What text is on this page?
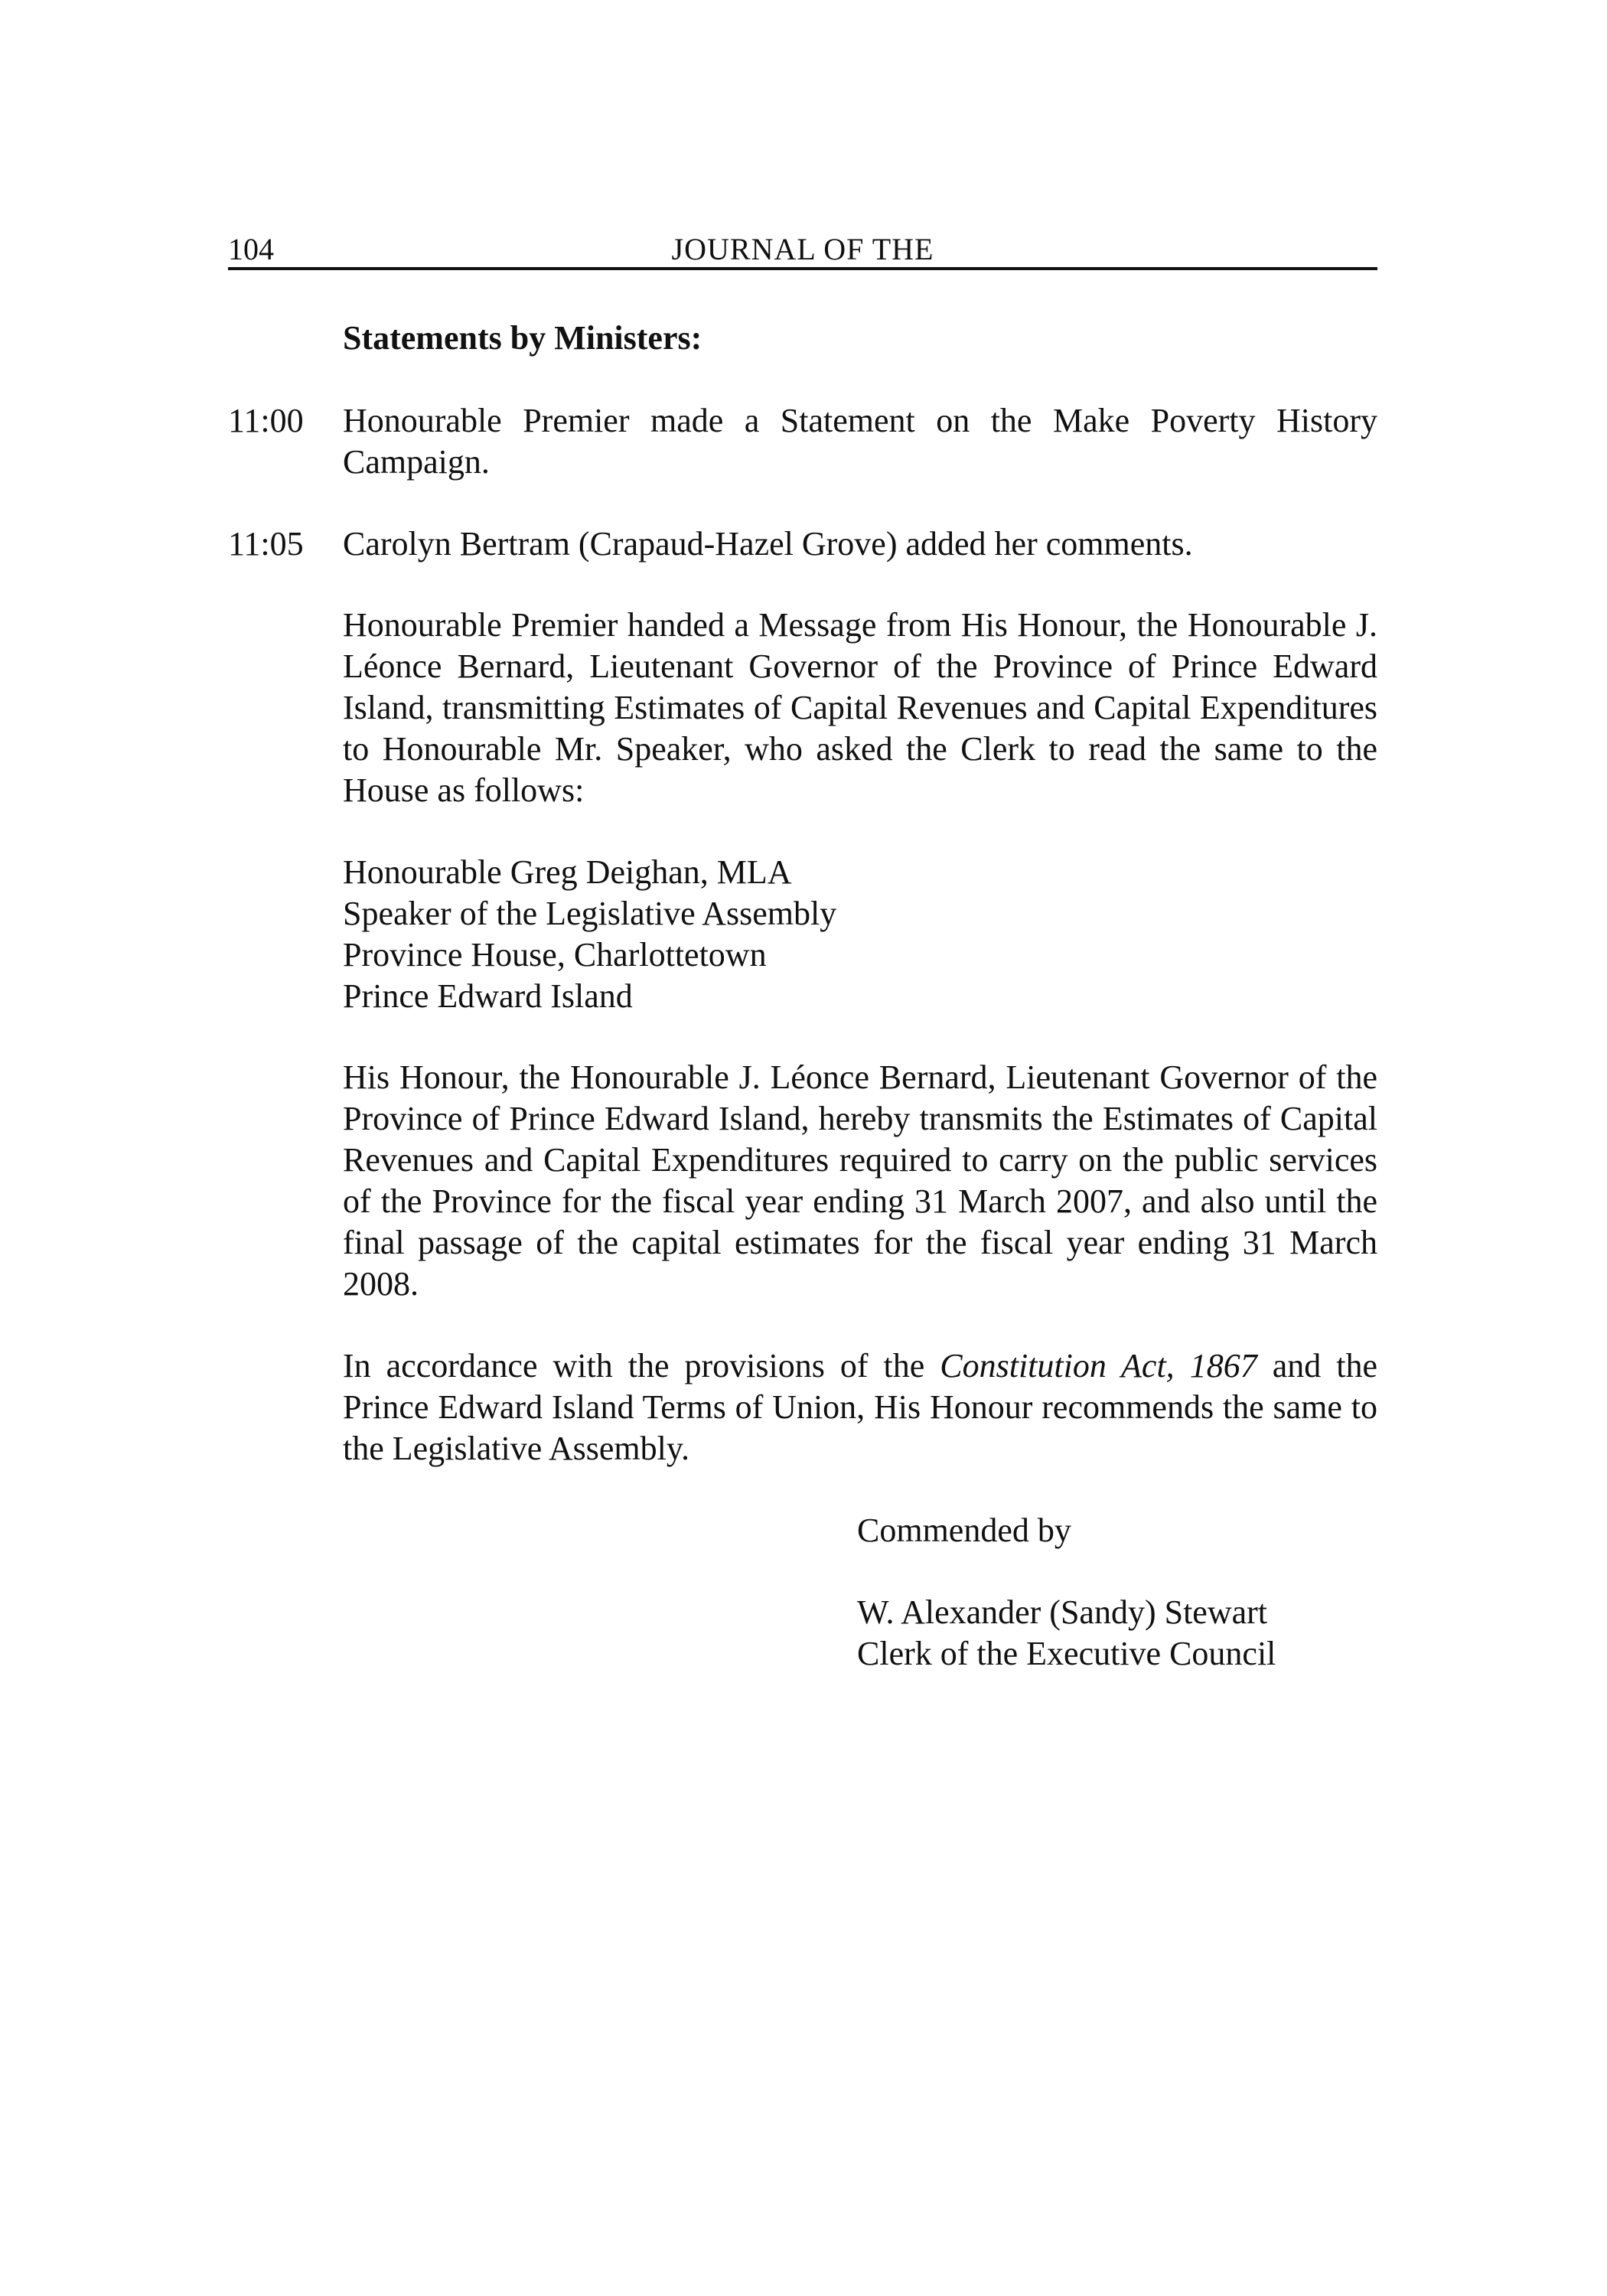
104	JOURNAL OF THE
Statements by Ministers:
11:00 Honourable Premier made a Statement on the Make Poverty History Campaign.
11:05 Carolyn Bertram (Crapaud-Hazel Grove) added her comments.
Honourable Premier handed a Message from His Honour, the Honourable J. Léonce Bernard, Lieutenant Governor of the Province of Prince Edward Island, transmitting Estimates of Capital Revenues and Capital Expenditures to Honourable Mr. Speaker, who asked the Clerk to read the same to the House as follows:
Honourable Greg Deighan, MLA
Speaker of the Legislative Assembly
Province House, Charlottetown
Prince Edward Island
His Honour, the Honourable J. Léonce Bernard, Lieutenant Governor of the Province of Prince Edward Island, hereby transmits the Estimates of Capital Revenues and Capital Expenditures required to carry on the public services of the Province for the fiscal year ending 31 March 2007, and also until the final passage of the capital estimates for the fiscal year ending 31 March 2008.
In accordance with the provisions of the Constitution Act, 1867 and the Prince Edward Island Terms of Union, His Honour recommends the same to the Legislative Assembly.
Commended by
W. Alexander (Sandy) Stewart
Clerk of the Executive Council
